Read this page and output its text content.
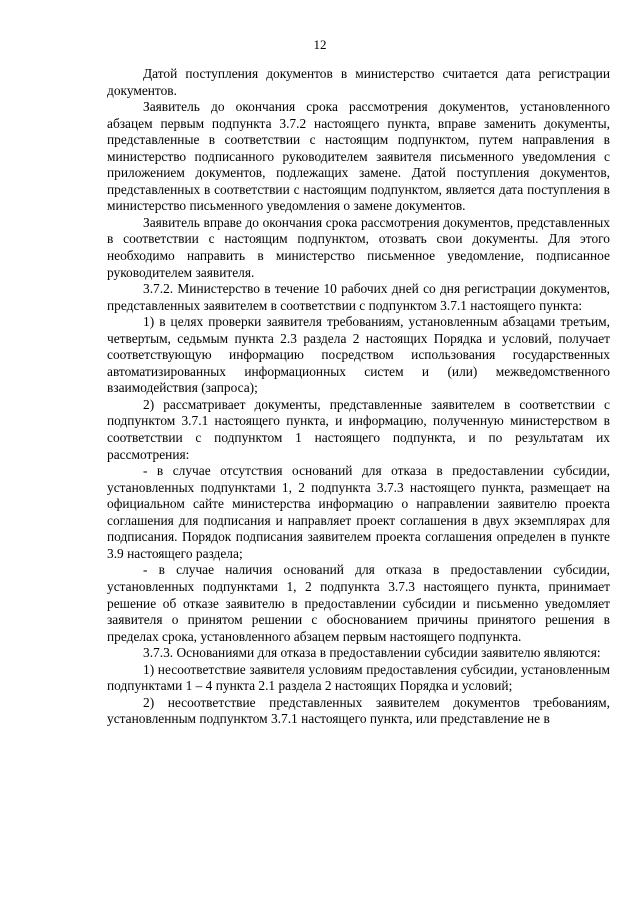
12

Датой поступления документов в министерство считается дата регистрации документов.

Заявитель до окончания срока рассмотрения документов, установленного абзацем первым подпункта 3.7.2 настоящего пункта, вправе заменить документы, представленные в соответствии с настоящим подпунктом, путем направления в министерство подписанного руководителем заявителя письменного уведомления с приложением документов, подлежащих замене. Датой поступления документов, представленных в соответствии с настоящим подпунктом, является дата поступления в министерство письменного уведомления о замене документов.

Заявитель вправе до окончания срока рассмотрения документов, представленных в соответствии с настоящим подпунктом, отозвать свои документы. Для этого необходимо направить в министерство письменное уведомление, подписанное руководителем заявителя.

3.7.2. Министерство в течение 10 рабочих дней со дня регистрации документов, представленных заявителем в соответствии с подпунктом 3.7.1 настоящего пункта:

1) в целях проверки заявителя требованиям, установленным абзацами третьим, четвертым, седьмым пункта 2.3 раздела 2 настоящих Порядка и условий, получает соответствующую информацию посредством использования государственных автоматизированных информационных систем и (или) межведомственного взаимодействия (запроса);

2) рассматривает документы, представленные заявителем в соответствии с подпунктом 3.7.1 настоящего пункта, и информацию, полученную министерством в соответствии с подпунктом 1 настоящего подпункта, и по результатам их рассмотрения:

- в случае отсутствия оснований для отказа в предоставлении субсидии, установленных подпунктами 1, 2 подпункта 3.7.3 настоящего пункта, размещает на официальном сайте министерства информацию о направлении заявителю проекта соглашения для подписания и направляет проект соглашения в двух экземплярах для подписания. Порядок подписания заявителем проекта соглашения определен в пункте 3.9 настоящего раздела;

- в случае наличия оснований для отказа в предоставлении субсидии, установленных подпунктами 1, 2 подпункта 3.7.3 настоящего пункта, принимает решение об отказе заявителю в предоставлении субсидии и письменно уведомляет заявителя о принятом решении с обоснованием причины принятого решения в пределах срока, установленного абзацем первым настоящего подпункта.

3.7.3. Основаниями для отказа в предоставлении субсидии заявителю являются:

1) несоответствие заявителя условиям предоставления субсидии, установленным подпунктами 1 – 4 пункта 2.1 раздела 2 настоящих Порядка и условий;

2) несоответствие представленных заявителем документов требованиям, установленным подпунктом 3.7.1 настоящего пункта, или представление не в
